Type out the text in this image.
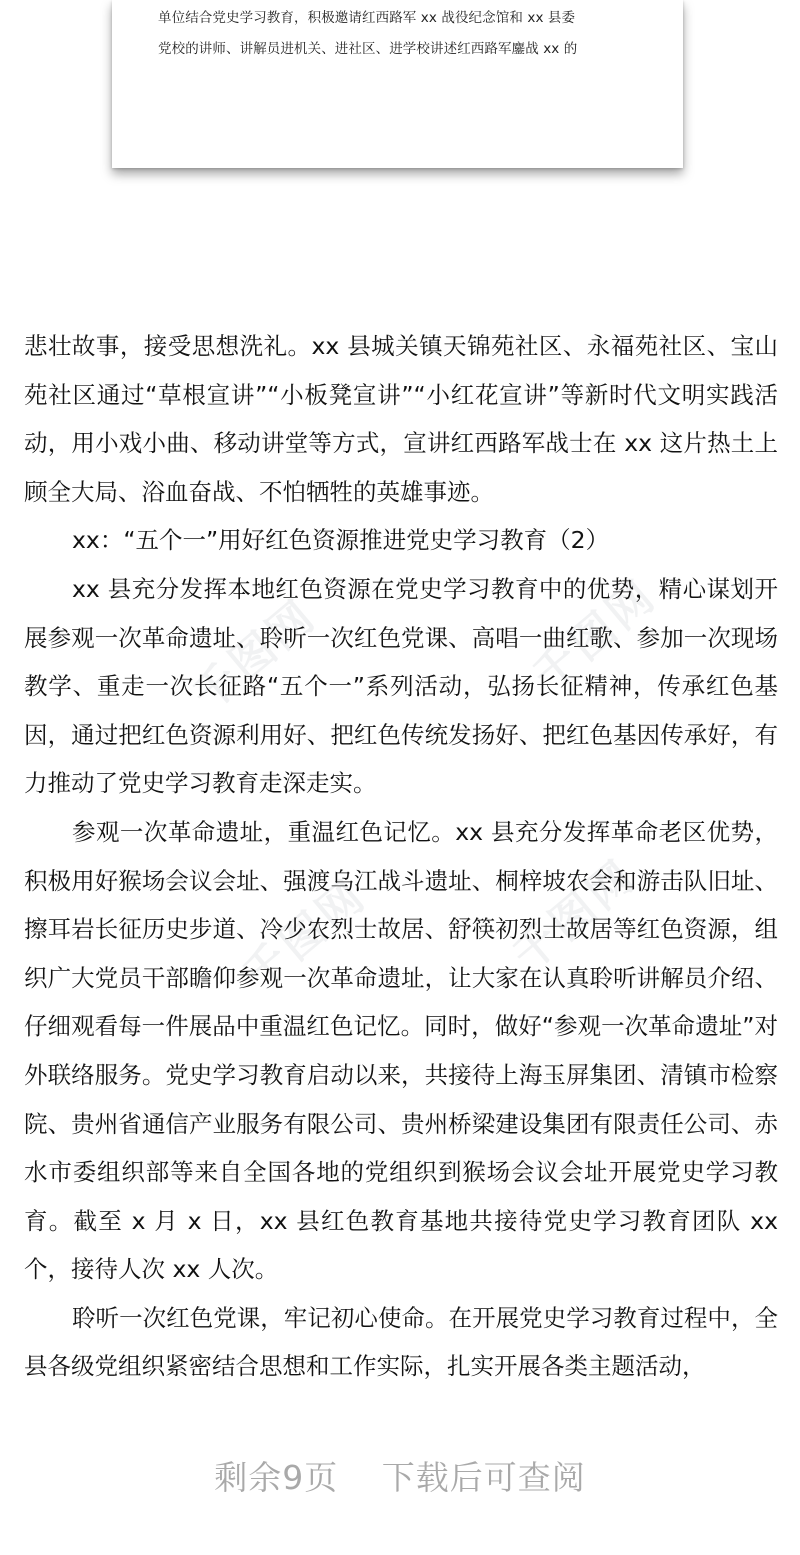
单位结合党史学习教育，积极邀请红西路军 xx 战役纪念馆和 xx 县委
党校的讲师、讲解员进机关、进社区、进学校讲述红西路军鏖战 xx 的
千图网	千图网
千图网	千图网

悲壮故事，接受思想洗礼。xx 县城关镇天锦苑社区、永福苑社区、宝山苑社区通过“草根宣讲”“小板凳宣讲”“小红花宣讲”等新时代文明实践活动，用小戏小曲、移动讲堂等方式，宣讲红西路军战士在 xx 这片热土上顾全大局、浴血奋战、不怕牺牲的英雄事迹。

xx：“五个一”用好红色资源推进党史学习教育（2）

xx 县充分发挥本地红色资源在党史学习教育中的优势，精心谋划开展参观一次革命遗址、聆听一次红色党课、高唱一曲红歌、参加一次现场教学、重走一次长征路“五个一”系列活动，弘扬长征精神，传承红色基因，通过把红色资源利用好、把红色传统发扬好、把红色基因传承好，有力推动了党史学习教育走深走实。

参观一次革命遗址，重温红色记忆。xx 县充分发挥革命老区优势，积极用好猴场会议会址、强渡乌江战斗遗址、桐梓坡农会和游击队旧址、擦耳岩长征历史步道、冷少农烈士故居、舒筷初烈士故居等红色资源，组织广大党员干部瞻仰参观一次革命遗址，让大家在认真聆听讲解员介绍、仔细观看每一件展品中重温红色记忆。同时，做好“参观一次革命遗址”对外联络服务。党史学习教育启动以来，共接待上海玉屏集团、清镇市检察院、贵州省通信产业服务有限公司、贵州桥梁建设集团有限责任公司、赤水市委组织部等来自全国各地的党组织到猴场会议会址开展党史学习教育。截至 x 月 x 日，xx 县红色教育基地共接待党史学习教育团队 xx 个，接待人次 xx 人次。

聆听一次红色党课，牢记初心使命。在开展党史学习教育过程中，全县各级党组织紧密结合思想和工作实际，扎实开展各类主题活动，

剩余9页 下载后可查阅
